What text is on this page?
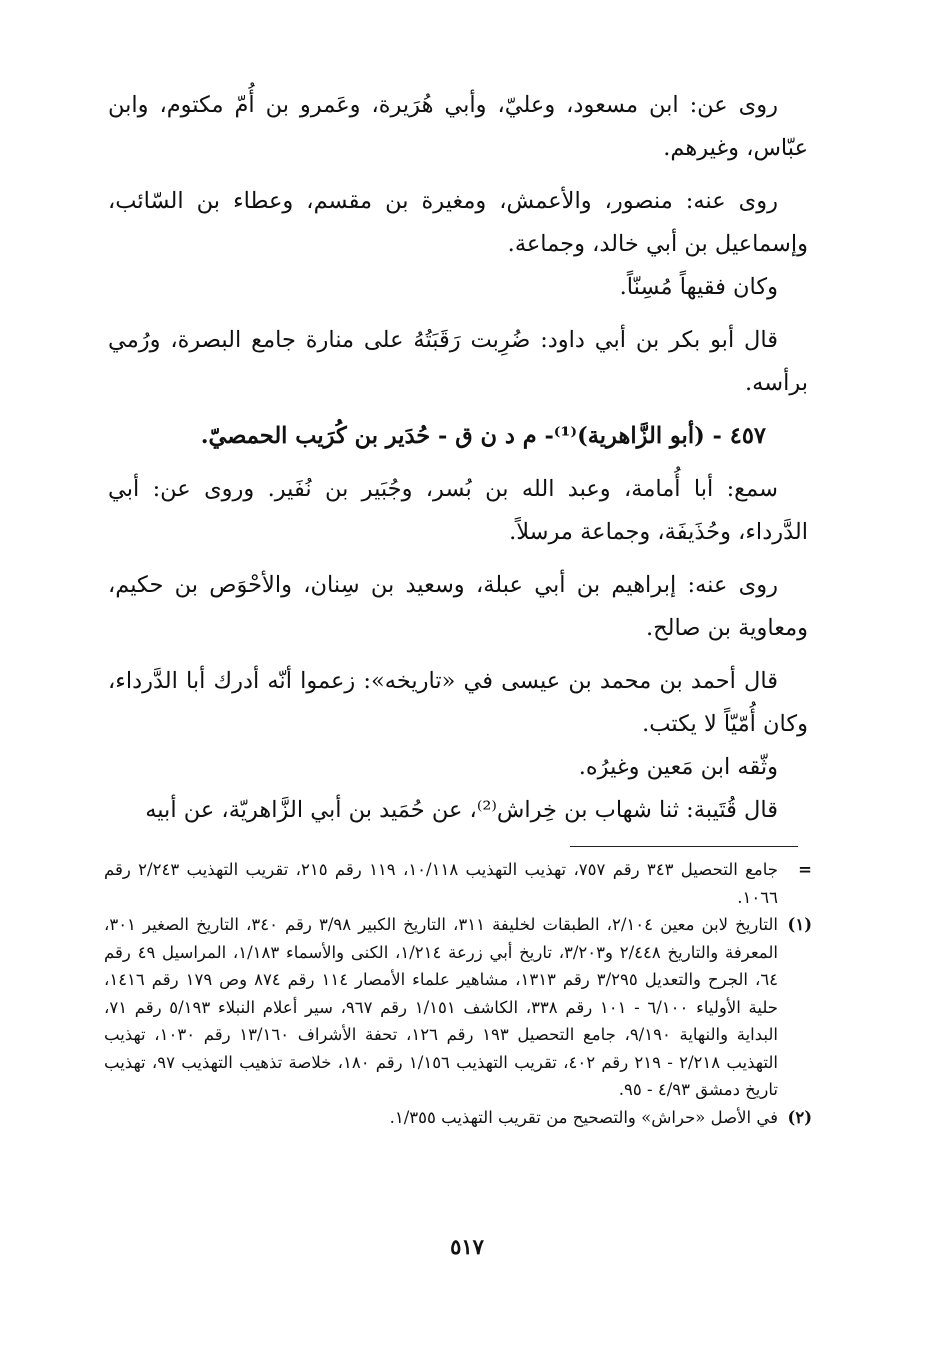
روى عن: ابن مسعود، وعليّ، وأبي هُرَيرة، وعَمرو بن أُمّ مكتوم، وابن عبّاس، وغيرهم.

روى عنه: منصور، والأعمش، ومغيرة بن مقسم، وعطاء بن السّائب، وإسماعيل بن أبي خالد، وجماعة.

وكان فقيهاً مُسِنّاً.

قال أبو بكر بن أبي داود: ضُرِبت رَقَبَتُهُ على منارة جامع البصرة، ورُمي برأسه.

٤٥٧ - (أبو الزَّاهرية)⁽¹⁾- م د ن ق - حُدَير بن كُرَيب الحمصيّ.

سمع: أبا أُمامة، وعبد الله بن بُسر، وجُبَير بن نُفَير. وروى عن: أبي الدَّرداء، وحُذَيفَة، وجماعة مرسلاً.

روى عنه: إبراهيم بن أبي عبلة، وسعيد بن سِنان، والأحْوَص بن حكيم، ومعاوية بن صالح.

قال أحمد بن محمد بن عيسى في «تاريخه»: زعموا أنّه أدرك أبا الدَّرداء، وكان أُمّيّاً لا يكتب.

وثّقه ابن مَعين وغيرُه.

قال قُتَيبة: ثنا شهاب بن خِراش⁽²⁾، عن حُمَيد بن أبي الزَّاهريّة، عن أبيه

=
جامع التحصيل ٣٤٣ رقم ٧٥٧، تهذيب التهذيب ١٠/١١٨، ١١٩ رقم ٢١٥، تقريب التهذيب ٢/٢٤٣ رقم ١٠٦٦.
(١)
التاريخ لابن معين ٢/١٠٤، الطبقات لخليفة ٣١١، التاريخ الكبير ٣/٩٨ رقم ٣٤٠، التاريخ الصغير ٣٠١، المعرفة والتاريخ ٢/٤٤٨ و٣/٢٠٣، تاريخ أبي زرعة ١/٢١٤، الكنى والأسماء ١/١٨٣، المراسيل ٤٩ رقم ٦٤، الجرح والتعديل ٣/٢٩٥ رقم ١٣١٣، مشاهير علماء الأمصار ١١٤ رقم ٨٧٤ وص ١٧٩ رقم ١٤١٦، حلية الأولياء ٦/١٠٠ - ١٠١ رقم ٣٣٨، الكاشف ١/١٥١ رقم ٩٦٧، سير أعلام النبلاء ٥/١٩٣ رقم ٧١، البداية والنهاية ٩/١٩٠، جامع التحصيل ١٩٣ رقم ١٢٦، تحفة الأشراف ١٣/١٦٠ رقم ١٠٣٠، تهذيب التهذيب ٢/٢١٨ - ٢١٩ رقم ٤٠٢، تقريب التهذيب ١/١٥٦ رقم ١٨٠، خلاصة تذهيب التهذيب ٩٧، تهذيب تاريخ دمشق ٤/٩٣ - ٩٥.
(٢)
في الأصل «حراش» والتصحيح من تقريب التهذيب ١/٣٥٥.
٥١٧
